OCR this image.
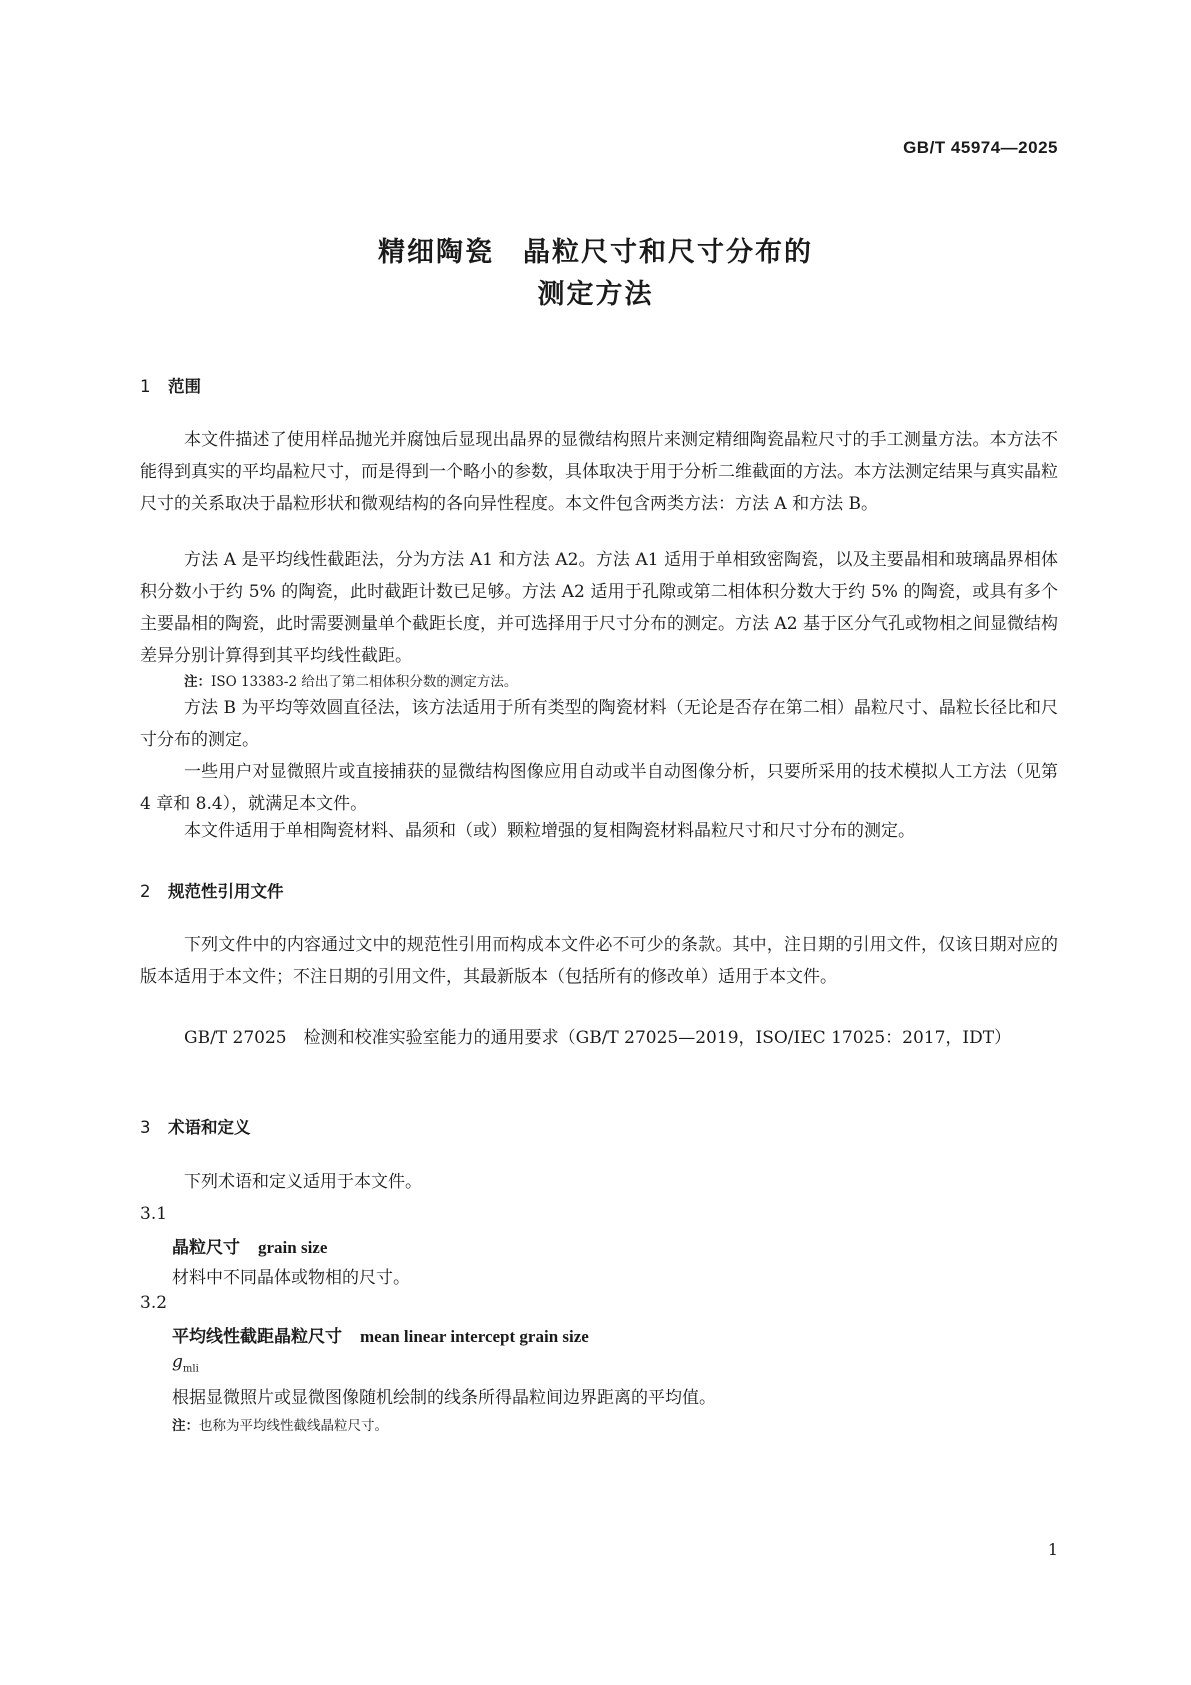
GB/T 45974—2025
精细陶瓷　晶粒尺寸和尺寸分布的
测定方法
1 范围
本文件描述了使用样品抛光并腐蚀后显现出晶界的显微结构照片来测定精细陶瓷晶粒尺寸的手工测量方法。本方法不能得到真实的平均晶粒尺寸，而是得到一个略小的参数，具体取决于用于分析二维截面的方法。本方法测定结果与真实晶粒尺寸的关系取决于晶粒形状和微观结构的各向异性程度。本文件包含两类方法：方法 A 和方法 B。
方法 A 是平均线性截距法，分为方法 A1 和方法 A2。方法 A1 适用于单相致密陶瓷，以及主要晶相和玻璃晶界相体积分数小于约 5% 的陶瓷，此时截距计数已足够。方法 A2 适用于孔隙或第二相体积分数大于约 5% 的陶瓷，或具有多个主要晶相的陶瓷，此时需要测量单个截距长度，并可选择用于尺寸分布的测定。方法 A2 基于区分气孔或物相之间显微结构差异分别计算得到其平均线性截距。
注：ISO 13383-2 给出了第二相体积分数的测定方法。
方法 B 为平均等效圆直径法，该方法适用于所有类型的陶瓷材料（无论是否存在第二相）晶粒尺寸、晶粒长径比和尺寸分布的测定。
一些用户对显微照片或直接捕获的显微结构图像应用自动或半自动图像分析，只要所采用的技术模拟人工方法（见第 4 章和 8.4），就满足本文件。
本文件适用于单相陶瓷材料、晶须和（或）颗粒增强的复相陶瓷材料晶粒尺寸和尺寸分布的测定。
2 规范性引用文件
下列文件中的内容通过文中的规范性引用而构成本文件必不可少的条款。其中，注日期的引用文件，仅该日期对应的版本适用于本文件；不注日期的引用文件，其最新版本（包括所有的修改单）适用于本文件。
GB/T 27025　检测和校准实验室能力的通用要求（GB/T 27025—2019，ISO/IEC 17025：2017，IDT）
3 术语和定义
下列术语和定义适用于本文件。
3.1
晶粒尺寸 grain size
材料中不同晶体或物相的尺寸。
3.2
平均线性截距晶粒尺寸 mean linear intercept grain size
$g_{mli}$
根据显微照片或显微图像随机绘制的线条所得晶粒间边界距离的平均值。
注：也称为平均线性截线晶粒尺寸。
1
